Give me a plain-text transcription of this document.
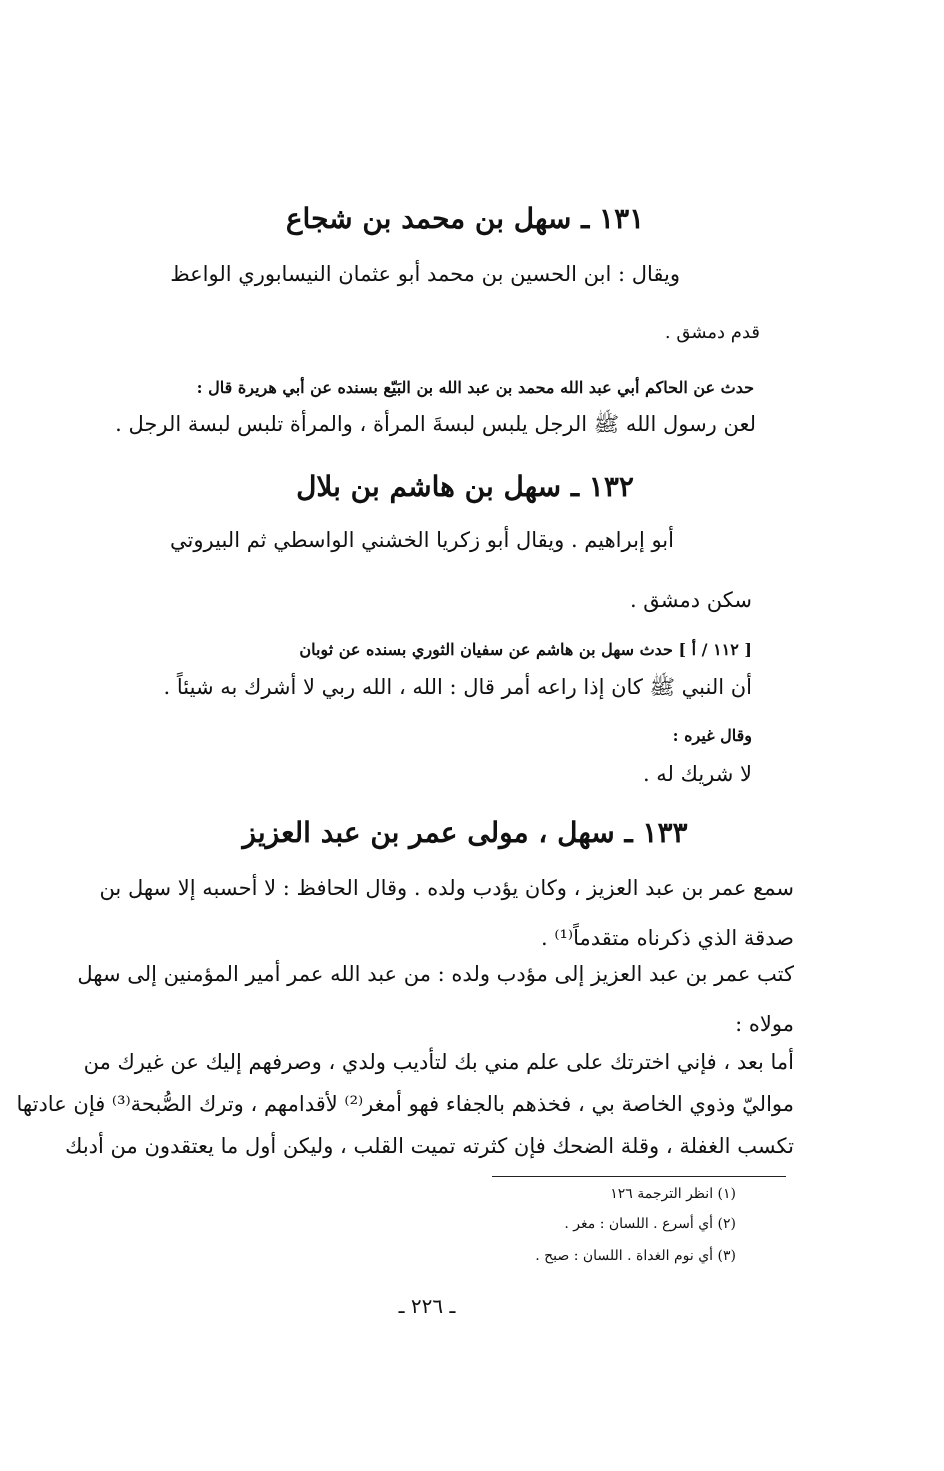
١٣١ ـ سهل بن محمد بن شجاع
ويقال : ابن الحسين بن محمد أبو عثمان النيسابوري الواعظ
قدم دمشق .
حدث عن الحاكم أبي عبد الله محمد بن عبد الله بن البَيّع بسنده عن أبي هريرة قال :
لعن رسول الله ﷺ الرجل يلبس لبسةَ المرأة ، والمرأة تلبس لبسة الرجل .
١٣٢ ـ سهل بن هاشم بن بلال
أبو إبراهيم . ويقال أبو زكريا الخشني الواسطي ثم البيروتي
سكن دمشق .
[ ١١٢ / أ ] حدث سهل بن هاشم عن سفيان الثوري بسنده عن ثوبان
أن النبي ﷺ كان إذا راعه أمر قال : الله ، الله ربي لا أشرك به شيئاً .
وقال غيره :
لا شريك له .
١٣٣ ـ سهل ، مولى عمر بن عبد العزيز
سمع عمر بن عبد العزيز ، وكان يؤدب ولده . وقال الحافظ : لا أحسبه إلا سهل بن
صدقة الذي ذكرناه متقدماً⁽¹⁾ .
كتب عمر بن عبد العزيز إلى مؤدب ولده : من عبد الله عمر أمير المؤمنين إلى سهل
مولاه :
أما بعد ، فإني اخترتك على علم مني بك لتأديب ولدي ، وصرفهم إليك عن غيرك من
مواليّ وذوي الخاصة بي ، فخذهم بالجفاء فهو أمغر⁽²⁾ لأقدامهم ، وترك الصُّبحة⁽³⁾ فإن عادتها
تكسب الغفلة ، وقلة الضحك فإن كثرته تميت القلب ، وليكن أول ما يعتقدون من أدبك
(١) انظر الترجمة ١٢٦
(٢) أي أسرع . اللسان : مغر .
(٣) أي نوم الغداة . اللسان : صبح .
ـ ٢٢٦ ـ
